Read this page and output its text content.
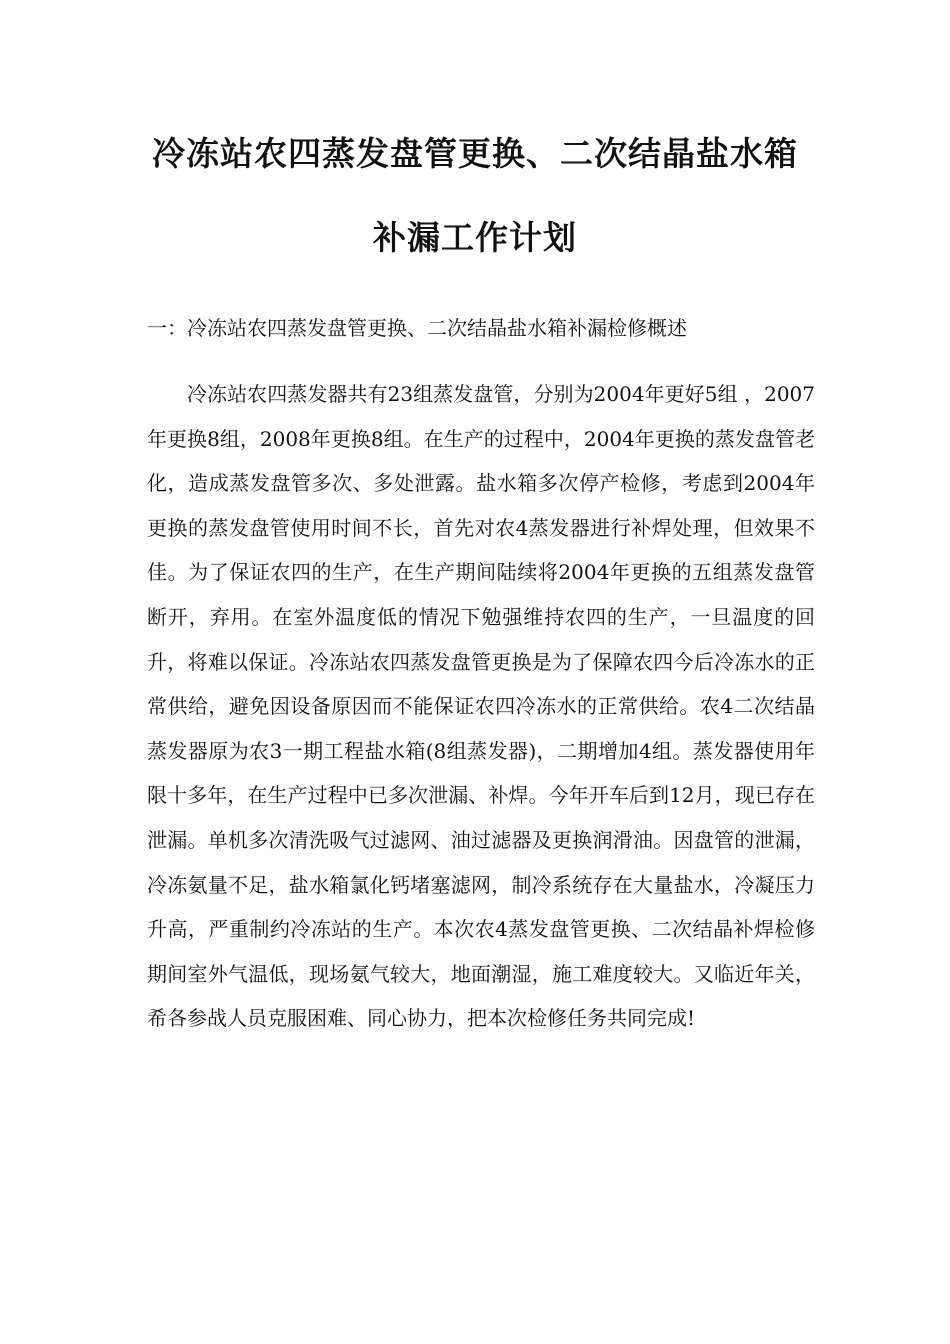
冷冻站农四蒸发盘管更换、二次结晶盐水箱
补漏工作计划
一：冷冻站农四蒸发盘管更换、二次结晶盐水箱补漏检修概述

冷冻站农四蒸发器共有23组蒸发盘管，分别为2004年更好5组 ，2007年更换8组，2008年更换8组。在生产的过程中，2004年更换的蒸发盘管老化，造成蒸发盘管多次、多处泄露。盐水箱多次停产检修，考虑到2004年更换的蒸发盘管使用时间不长，首先对农4蒸发器进行补焊处理，但效果不佳。为了保证农四的生产，在生产期间陆续将2004年更换的五组蒸发盘管断开，弃用。在室外温度低的情况下勉强维持农四的生产，一旦温度的回升，将难以保证。冷冻站农四蒸发盘管更换是为了保障农四今后冷冻水的正常供给，避免因设备原因而不能保证农四冷冻水的正常供给。农4二次结晶蒸发器原为农3一期工程盐水箱(8组蒸发器)，二期增加4组。蒸发器使用年限十多年，在生产过程中已多次泄漏、补焊。今年开车后到12月，现已存在泄漏。单机多次清洗吸气过滤网、油过滤器及更换润滑油。因盘管的泄漏，冷冻氨量不足，盐水箱氯化钙堵塞滤网，制冷系统存在大量盐水，冷凝压力升高，严重制约冷冻站的生产。本次农4蒸发盘管更换、二次结晶补焊检修期间室外气温低，现场氨气较大，地面潮湿，施工难度较大。又临近年关，希各参战人员克服困难、同心协力，把本次检修任务共同完成!
